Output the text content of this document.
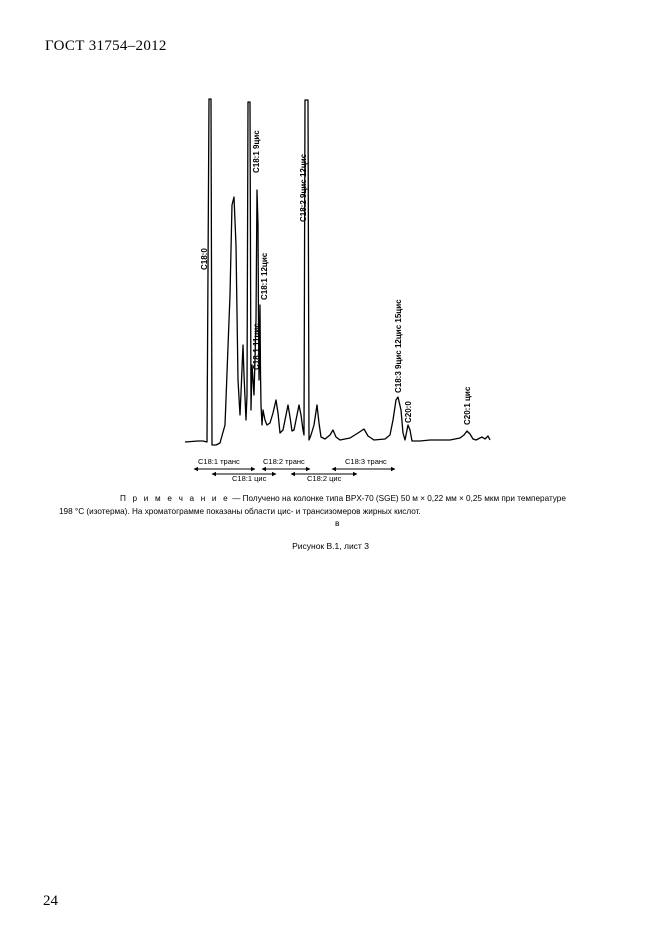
ГОСТ 31754–2012
C18:0
C18:1 9цис
C18:1 11цис
C18:1 12цис
C18:2 9цис 12цис
C18:3 9цис 12цис 15цис
C20:0	C20:1 цис
C18:1 транс	C18:2 транс	C18:3 транс
C18:1 цис	C18:2 цис
П р и м е ч а н и е — Получено на колонке типа BPX-70 (SGE) 50 м × 0,22 мм × 0,25 мкм при температуре
198 °C (изотерма). На хроматограмме показаны области цис- и трансизомеров жирных кислот.
в
Рисунок В.1, лист 3
24
